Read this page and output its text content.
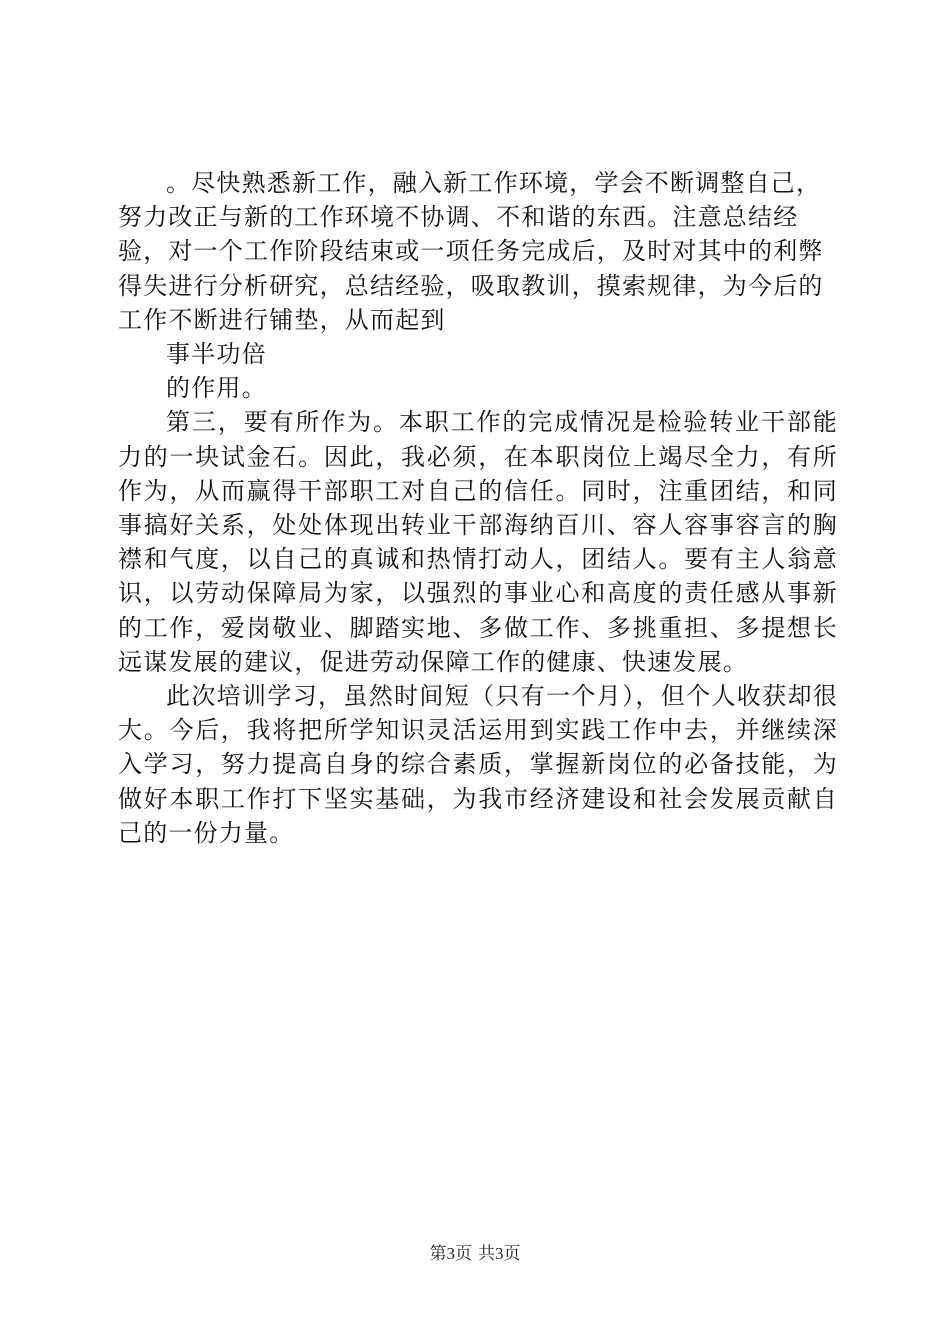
。尽快熟悉新工作，融入新工作环境，学会不断调整自己，努力改正与新的工作环境不协调、不和谐的东西。注意总结经验，对一个工作阶段结束或一项任务完成后，及时对其中的利弊得失进行分析研究，总结经验，吸取教训，摸索规律，为今后的工作不断进行铺垫，从而起到

事半功倍

的作用。

第三，要有所作为。本职工作的完成情况是检验转业干部能力的一块试金石。因此，我必须，在本职岗位上竭尽全力，有所作为，从而赢得干部职工对自己的信任。同时，注重团结，和同事搞好关系，处处体现出转业干部海纳百川、容人容事容言的胸襟和气度，以自己的真诚和热情打动人，团结人。要有主人翁意识，以劳动保障局为家，以强烈的事业心和高度的责任感从事新的工作，爱岗敬业、脚踏实地、多做工作、多挑重担、多提想长远谋发展的建议，促进劳动保障工作的健康、快速发展。

此次培训学习，虽然时间短（只有一个月），但个人收获却很大。今后，我将把所学知识灵活运用到实践工作中去，并继续深入学习，努力提高自身的综合素质，掌握新岗位的必备技能，为做好本职工作打下坚实基础，为我市经济建设和社会发展贡献自己的一份力量。

第3页 共3页
